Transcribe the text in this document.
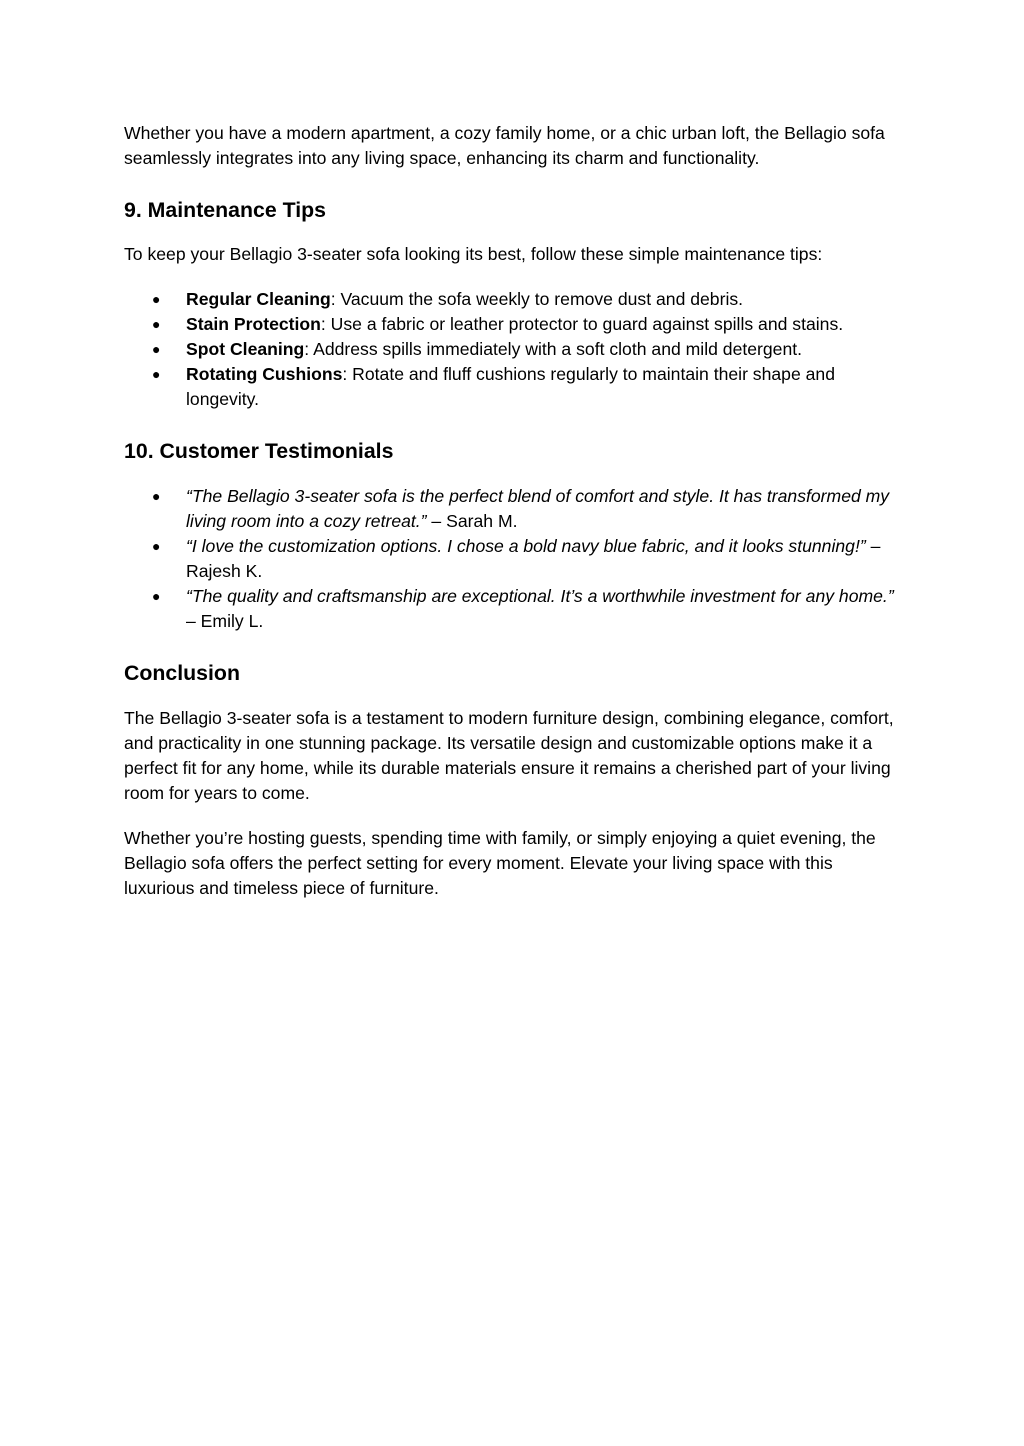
Whether you have a modern apartment, a cozy family home, or a chic urban loft, the Bellagio sofa seamlessly integrates into any living space, enhancing its charm and functionality.

9. Maintenance Tips

To keep your Bellagio 3-seater sofa looking its best, follow these simple maintenance tips:

● Regular Cleaning: Vacuum the sofa weekly to remove dust and debris.
● Stain Protection: Use a fabric or leather protector to guard against spills and stains.
● Spot Cleaning: Address spills immediately with a soft cloth and mild detergent.
● Rotating Cushions: Rotate and fluff cushions regularly to maintain their shape and longevity.
10. Customer Testimonials
● “The Bellagio 3-seater sofa is the perfect blend of comfort and style. It has transformed my living room into a cozy retreat.” – Sarah M.
● “I love the customization options. I chose a bold navy blue fabric, and it looks stunning!” – Rajesh K.
● “The quality and craftsmanship are exceptional. It’s a worthwhile investment for any home.” – Emily L.
Conclusion

The Bellagio 3-seater sofa is a testament to modern furniture design, combining elegance, comfort, and practicality in one stunning package. Its versatile design and customizable options make it a perfect fit for any home, while its durable materials ensure it remains a cherished part of your living room for years to come.

Whether you’re hosting guests, spending time with family, or simply enjoying a quiet evening, the Bellagio sofa offers the perfect setting for every moment. Elevate your living space with this luxurious and timeless piece of furniture.
